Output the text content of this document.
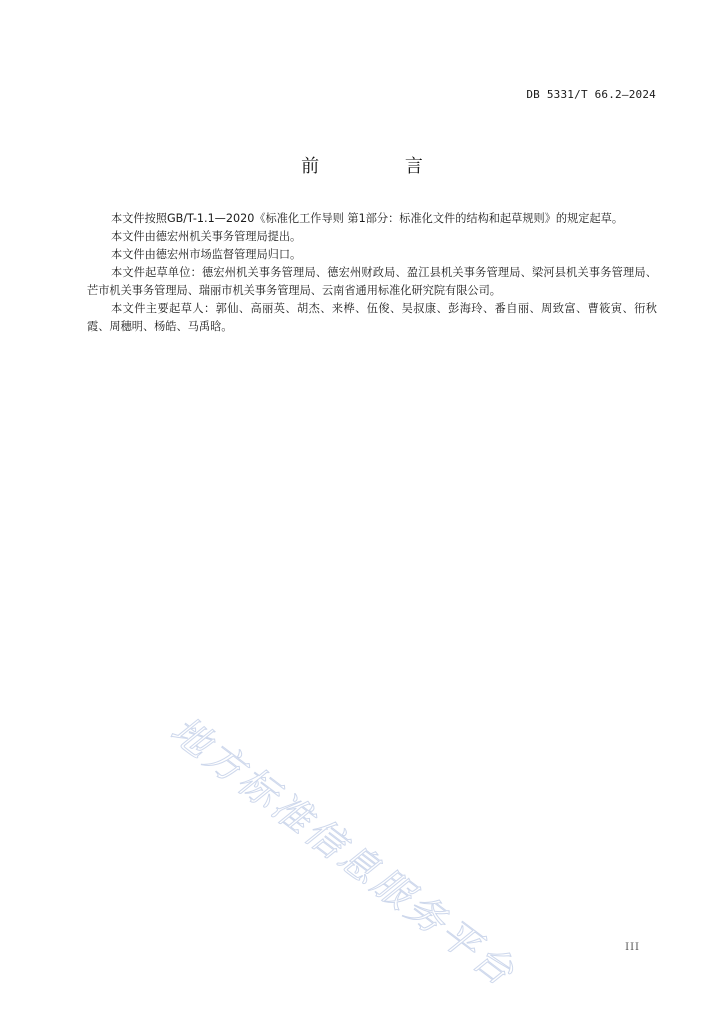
DB 5331/T 66.2—2024
前 言

本文件按照GB/T-1.1—2020《标准化工作导则 第1部分：标准化文件的结构和起草规则》的规定起草。

本文件由德宏州机关事务管理局提出。

本文件由德宏州市场监督管理局归口。

本文件起草单位：德宏州机关事务管理局、德宏州财政局、盈江县机关事务管理局、梁河县机关事务管理局、芒市机关事务管理局、瑞丽市机关事务管理局、云南省通用标准化研究院有限公司。

本文件主要起草人：郭仙、高丽英、胡杰、来桦、伍俊、吴叔康、彭海玲、番自丽、周致富、曹筱寅、衎秋霞、周穗明、杨皓、马禹晗。

地方标准信息服务平台	III
